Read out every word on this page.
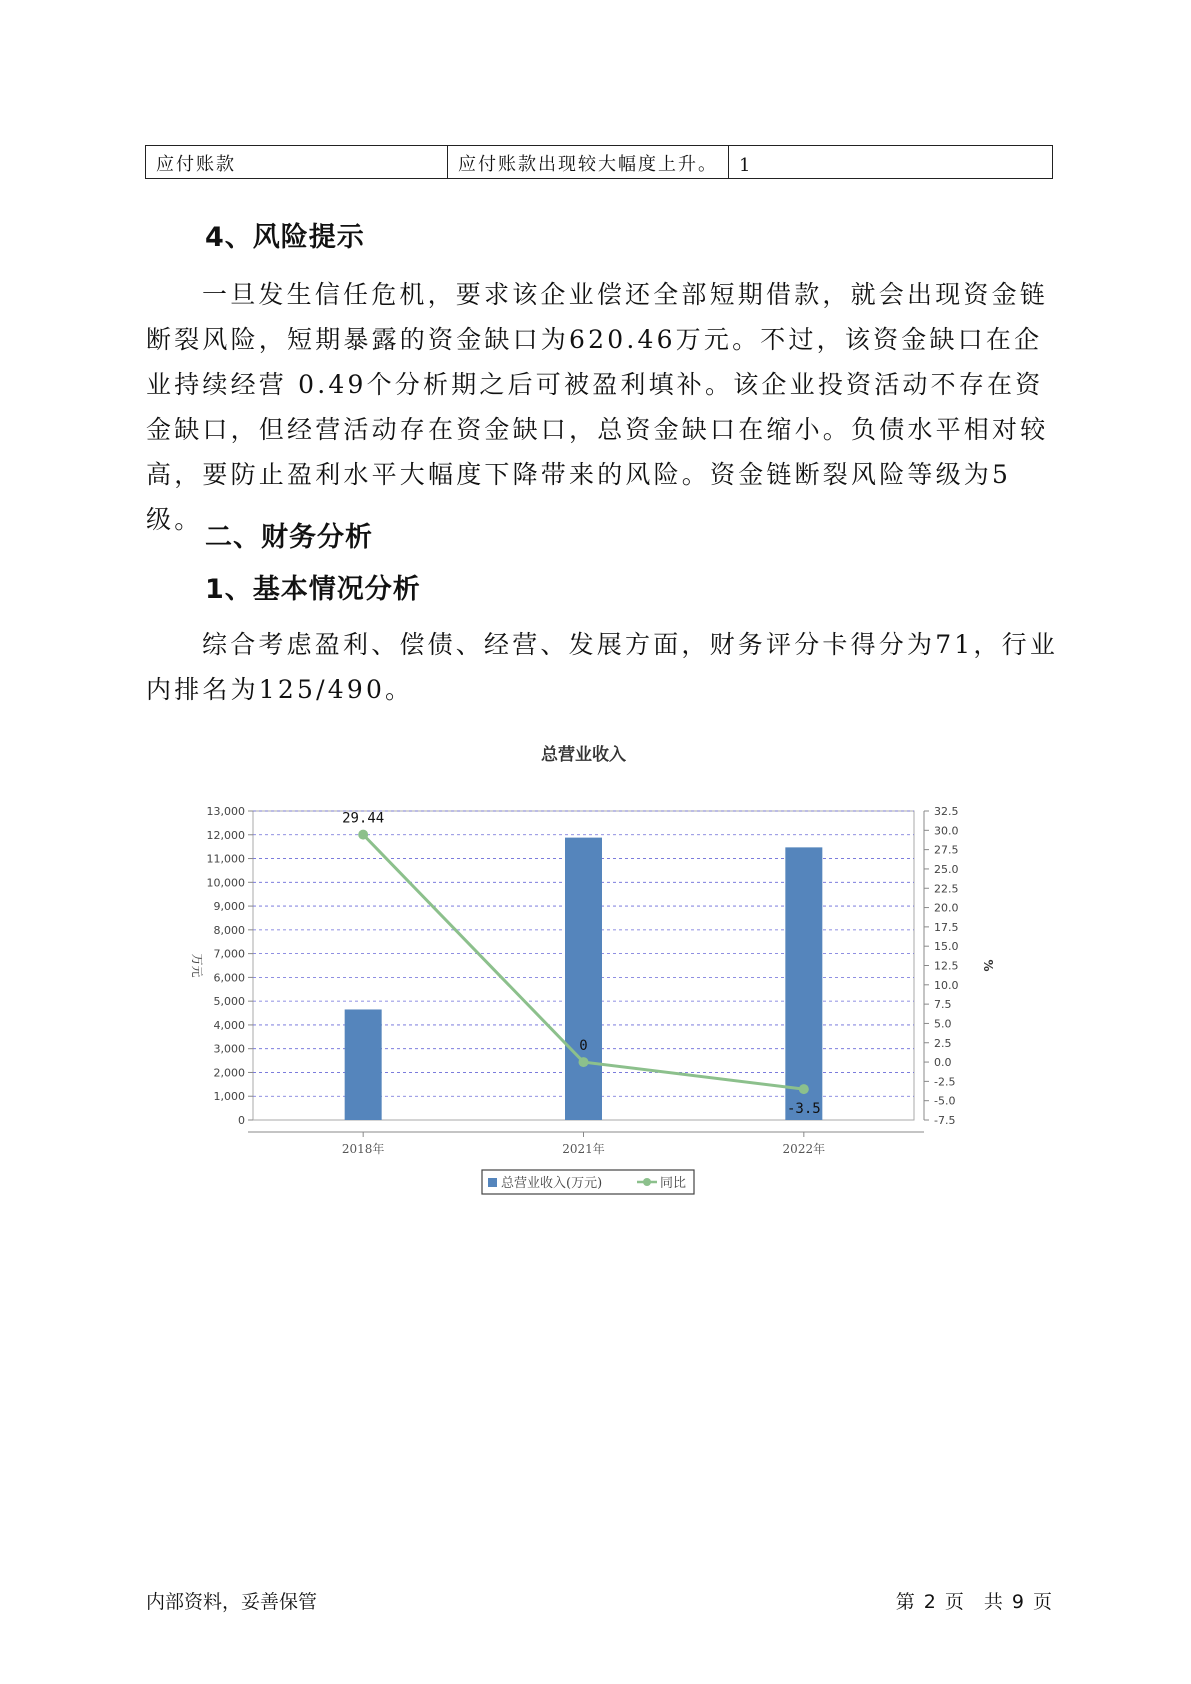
应付账款	应付账款出现较大幅度上升。	1
4、风险提示

一旦发生信任危机，要求该企业偿还全部短期借款，就会出现资金链断裂风险，短期暴露的资金缺口为620.46万元。不过，该资金缺口在企业持续经营 0.49个分析期之后可被盈利填补。该企业投资活动不存在资金缺口，但经营活动存在资金缺口，总资金缺口在缩小。负债水平相对较高，要防止盈利水平大幅度下降带来的风险。资金链断裂风险等级为5级。

二、财务分析
1、基本情况分析

综合考虑盈利、偿债、经营、发展方面，财务评分卡得分为71，行业内排名为125/490。

总营业收入
0
1,000
2,000
3,000
4,000
5,000
6,000
7,000
8,000
9,000
10,000
11,000
12,000
13,000
-7.5
-5.0
-2.5
0.0
2.5
5.0
7.5
10.0
12.5
15.0
17.5
20.0
22.5
25.0
27.5
30.0
32.5
万元	%
2018年	2021年	2022年
29.44
0
-3.5
总营业收入(万元)	同比
内部资料，妥善保管	第 2 页 共 9 页
